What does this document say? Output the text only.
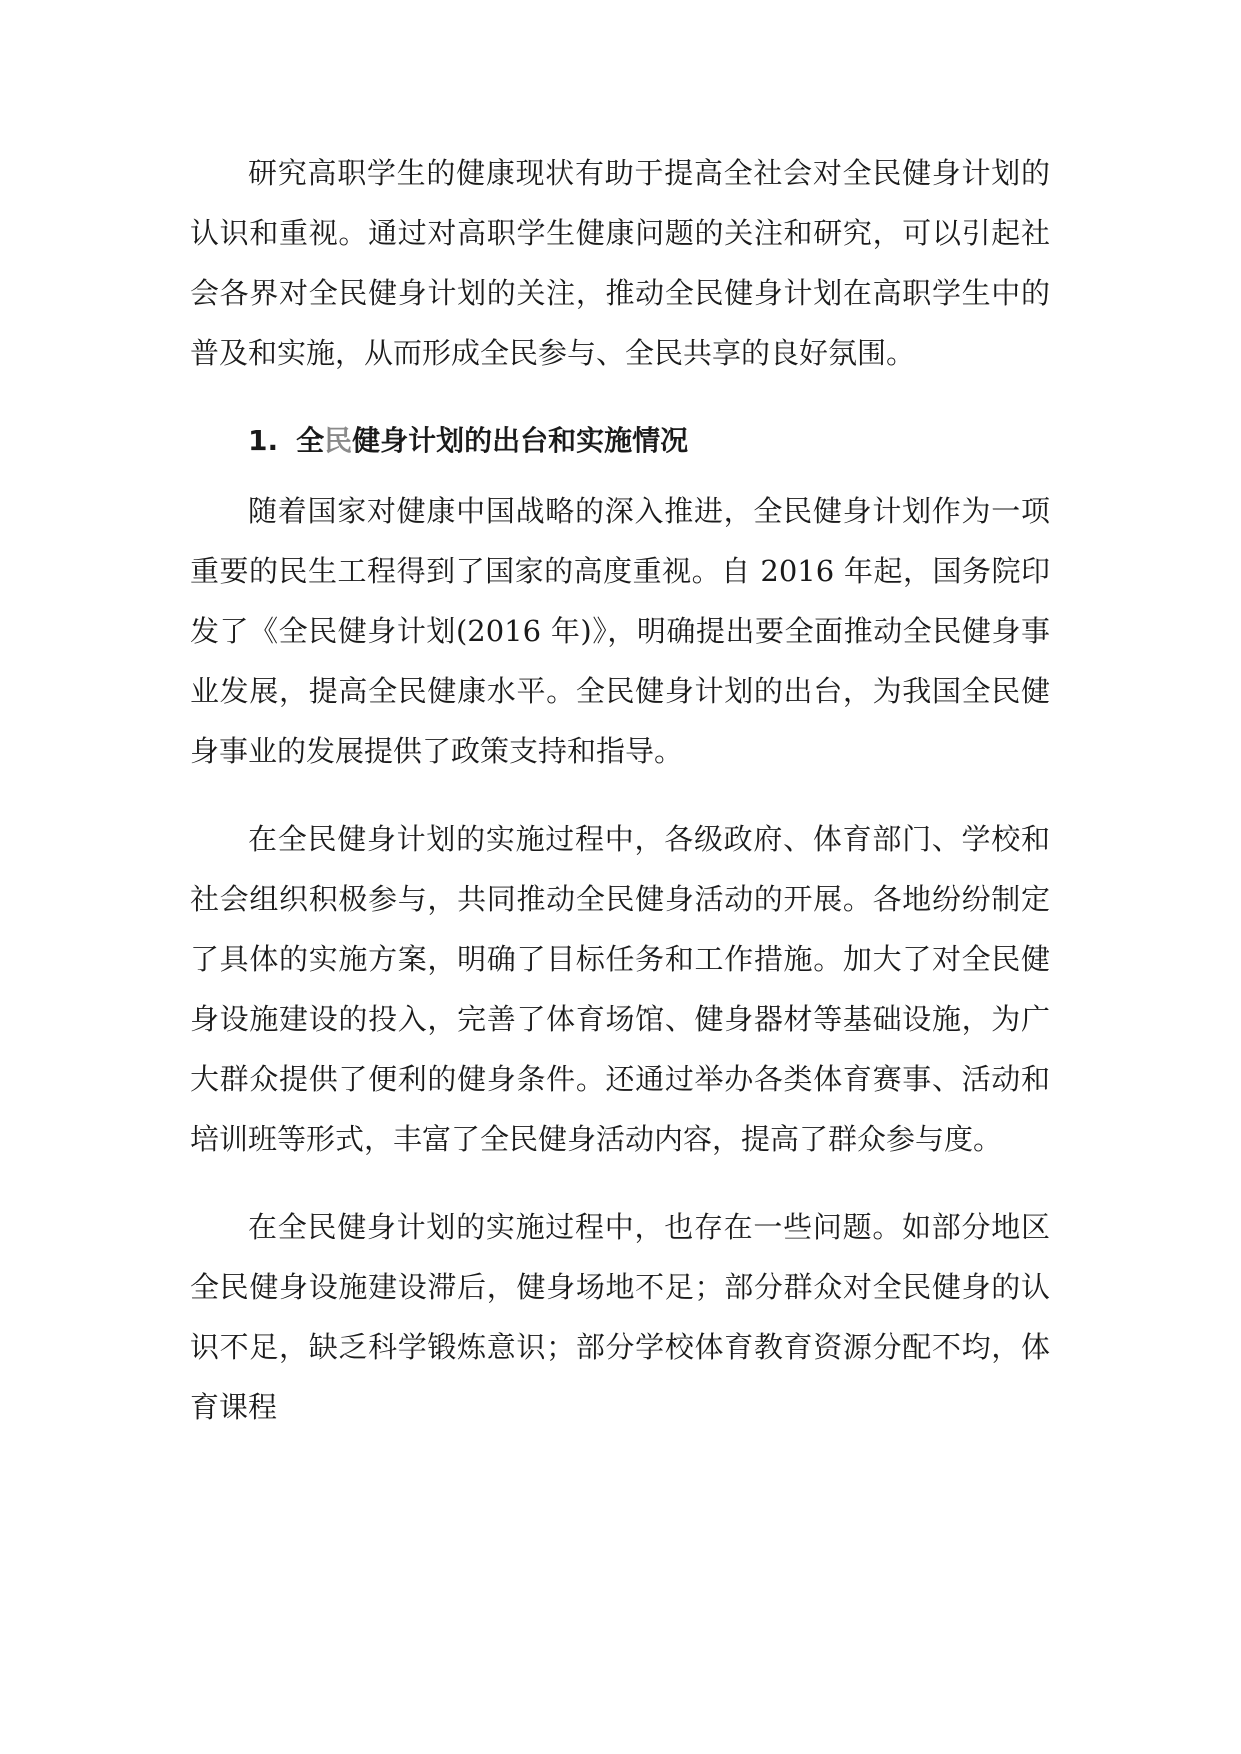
研究高职学生的健康现状有助于提高全社会对全民健身计划的认识和重视。通过对高职学生健康问题的关注和研究，可以引起社会各界对全民健身计划的关注，推动全民健身计划在高职学生中的普及和实施，从而形成全民参与、全民共享的良好氛围。

1. 全民健身计划的出台和实施情况

随着国家对健康中国战略的深入推进，全民健身计划作为一项重要的民生工程得到了国家的高度重视。自 2016 年起，国务院印发了《全民健身计划(2016 年)》，明确提出要全面推动全民健身事业发展，提高全民健康水平。全民健身计划的出台，为我国全民健身事业的发展提供了政策支持和指导。

在全民健身计划的实施过程中，各级政府、体育部门、学校和社会组织积极参与，共同推动全民健身活动的开展。各地纷纷制定了具体的实施方案，明确了目标任务和工作措施。加大了对全民健身设施建设的投入，完善了体育场馆、健身器材等基础设施，为广大群众提供了便利的健身条件。还通过举办各类体育赛事、活动和培训班等形式，丰富了全民健身活动内容，提高了群众参与度。

在全民健身计划的实施过程中，也存在一些问题。如部分地区全民健身设施建设滞后，健身场地不足；部分群众对全民健身的认识不足，缺乏科学锻炼意识；部分学校体育教育资源分配不均，体育课程
